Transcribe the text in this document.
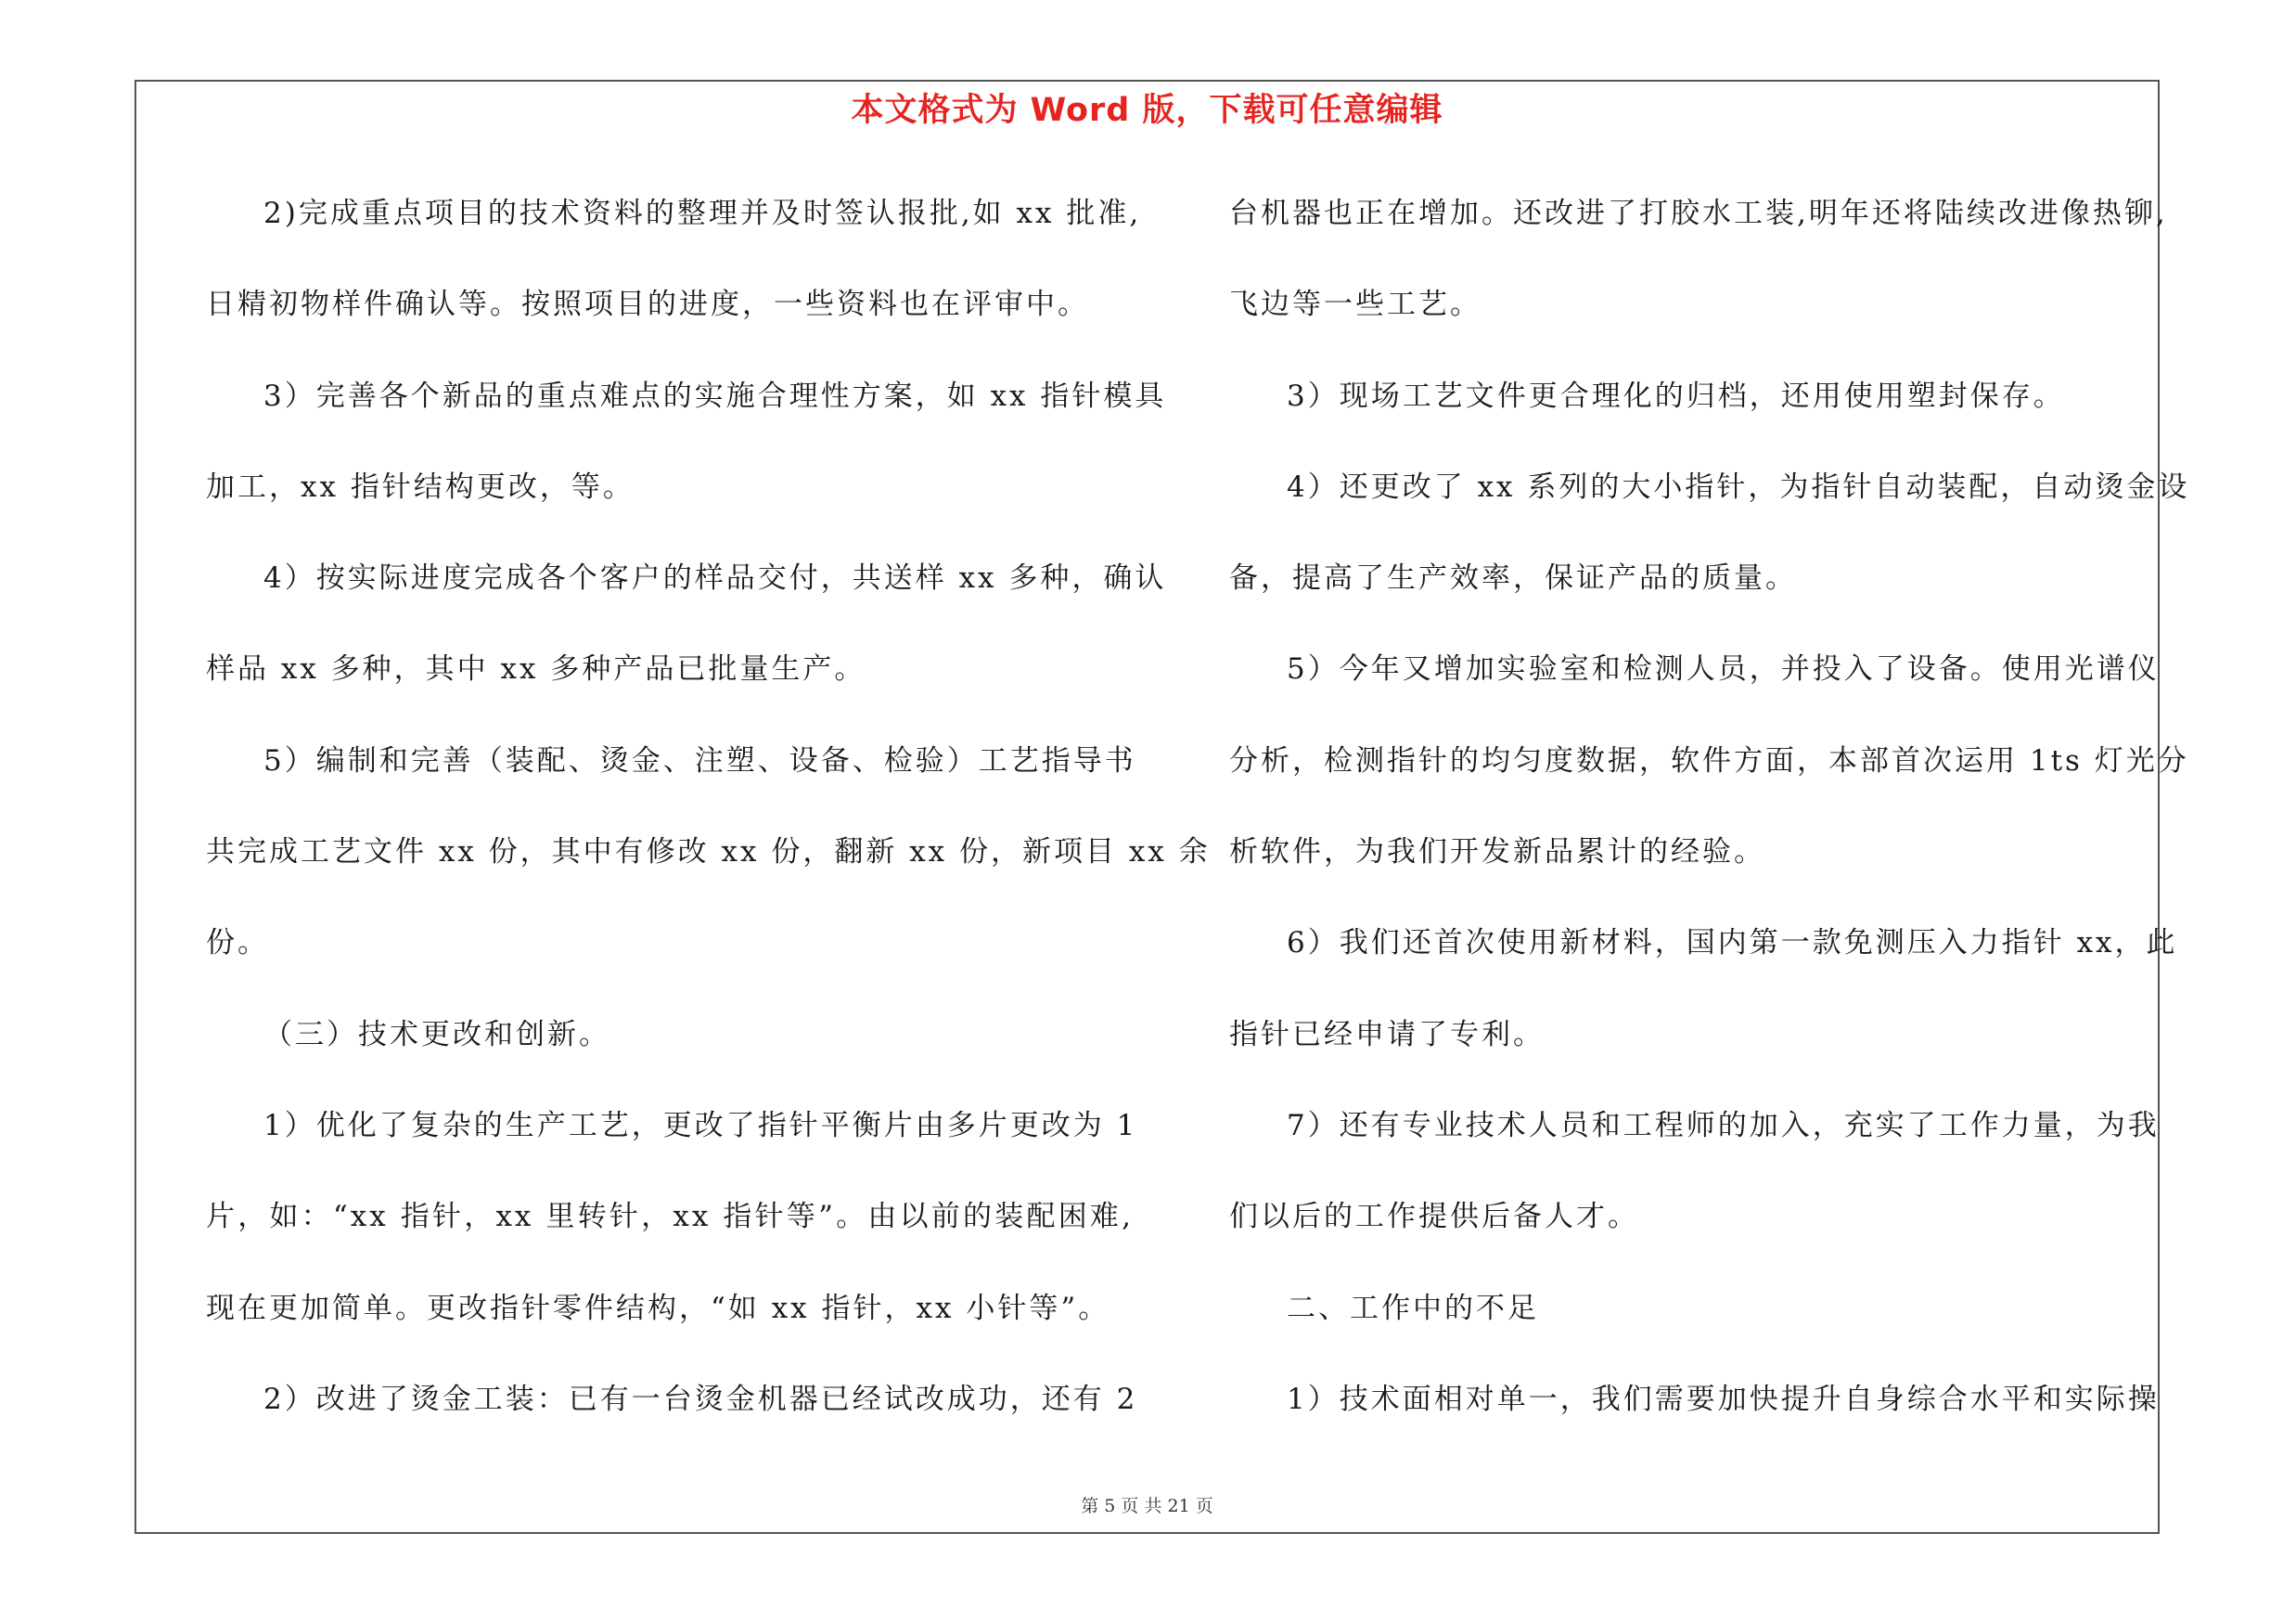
本文格式为 Word 版，下载可任意编辑
2)完成重点项目的技术资料的整理并及时签认报批,如 xx 批准,
日精初物样件确认等。按照项目的进度，一些资料也在评审中。
3）完善各个新品的重点难点的实施合理性方案，如 xx 指针模具
加工，xx 指针结构更改，等。
4）按实际进度完成各个客户的样品交付，共送样 xx 多种，确认
样品 xx 多种，其中 xx 多种产品已批量生产。
5）编制和完善（装配、烫金、注塑、设备、检验）工艺指导书
共完成工艺文件 xx 份，其中有修改 xx 份，翻新 xx 份，新项目 xx 余
份。
（三）技术更改和创新。
1）优化了复杂的生产工艺，更改了指针平衡片由多片更改为 1
片，如：“xx 指针，xx 里转针，xx 指针等”。由以前的装配困难,
现在更加简单。更改指针零件结构，“如 xx 指针，xx 小针等”。
2）改进了烫金工装：已有一台烫金机器已经试改成功，还有 2
台机器也正在增加。还改进了打胶水工装,明年还将陆续改进像热铆,
飞边等一些工艺。
3）现场工艺文件更合理化的归档，还用使用塑封保存。
4）还更改了 xx 系列的大小指针，为指针自动装配，自动烫金设
备，提高了生产效率，保证产品的质量。
5）今年又增加实验室和检测人员，并投入了设备。使用光谱仪
分析，检测指针的均匀度数据，软件方面，本部首次运用 1ts 灯光分
析软件，为我们开发新品累计的经验。
6）我们还首次使用新材料，国内第一款免测压入力指针 xx，此
指针已经申请了专利。
7）还有专业技术人员和工程师的加入，充实了工作力量，为我
们以后的工作提供后备人才。
二、工作中的不足
1）技术面相对单一，我们需要加快提升自身综合水平和实际操
第 5 页 共 21 页
